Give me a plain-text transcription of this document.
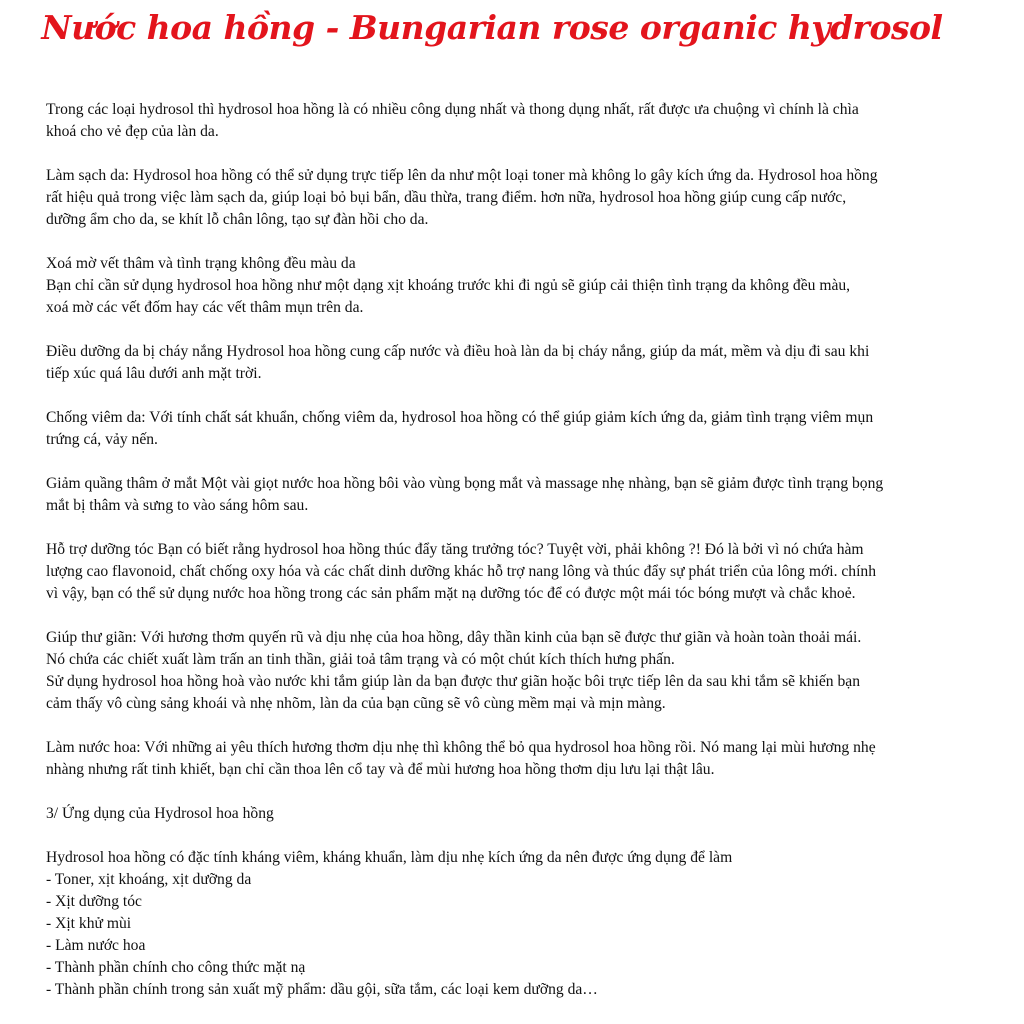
Nước hoa hồng - Bungarian rose organic hydrosol

Trong các loại hydrosol thì hydrosol hoa hồng là có nhiều công dụng nhất và thong dụng nhất, rất được ưa chuộng vì chính là chìa
khoá cho vẻ đẹp của làn da.

Làm sạch da: Hydrosol hoa hồng có thể sử dụng trực tiếp lên da như một loại toner mà không lo gây kích ứng da. Hydrosol hoa hồng
rất hiệu quả trong việc làm sạch da, giúp loại bỏ bụi bẩn, dầu thừa, trang điểm. hơn nữa, hydrosol hoa hồng giúp cung cấp nước,
dưỡng ẩm cho da, se khít lỗ chân lông, tạo sự đàn hồi cho da.

Xoá mờ vết thâm và tình trạng không đều màu da
Bạn chỉ cần sử dụng hydrosol hoa hồng như một dạng xịt khoáng trước khi đi ngủ sẽ giúp cải thiện tình trạng da không đều màu,
xoá mờ các vết đốm hay các vết thâm mụn trên da.

Điều dưỡng da bị cháy nắng Hydrosol hoa hồng cung cấp nước và điều hoà làn da bị cháy nắng, giúp da mát, mềm và dịu đi sau khi
tiếp xúc quá lâu dưới anh mặt trời.

Chống viêm da: Với tính chất sát khuẩn, chống viêm da, hydrosol hoa hồng có thể giúp giảm kích ứng da, giảm tình trạng viêm mụn
trứng cá, vảy nến.

Giảm quầng thâm ở mắt Một vài giọt nước hoa hồng bôi vào vùng bọng mắt và massage nhẹ nhàng, bạn sẽ giảm được tình trạng bọng
mắt bị thâm và sưng to vào sáng hôm sau.

Hỗ trợ dưỡng tóc Bạn có biết rằng hydrosol hoa hồng thúc đẩy tăng trưởng tóc? Tuyệt vời, phải không ?! Đó là bởi vì nó chứa hàm
lượng cao flavonoid, chất chống oxy hóa và các chất dinh dưỡng khác hỗ trợ nang lông và thúc đẩy sự phát triển của lông mới. chính
vì vậy, bạn có thể sử dụng nước hoa hồng trong các sản phẩm mặt nạ dưỡng tóc để có được một mái tóc bóng mượt và chắc khoẻ.

Giúp thư giãn: Với hương thơm quyến rũ và dịu nhẹ của hoa hồng, dây thần kinh của bạn sẽ được thư giãn và hoàn toàn thoải mái.
Nó chứa các chiết xuất làm trấn an tinh thần, giải toả tâm trạng và có một chút kích thích hưng phấn.
Sử dụng hydrosol hoa hồng hoà vào nước khi tắm giúp làn da bạn được thư giãn hoặc bôi trực tiếp lên da sau khi tắm sẽ khiến bạn
cảm thấy vô cùng sảng khoái và nhẹ nhõm, làn da của bạn cũng sẽ vô cùng mềm mại và mịn màng.

Làm nước hoa: Với những ai yêu thích hương thơm dịu nhẹ thì không thể bỏ qua hydrosol hoa hồng rồi. Nó mang lại mùi hương nhẹ
nhàng nhưng rất tinh khiết, bạn chỉ cần thoa lên cổ tay và để mùi hương hoa hồng thơm dịu lưu lại thật lâu.

3/ Ứng dụng của Hydrosol hoa hồng

Hydrosol hoa hồng có đặc tính kháng viêm, kháng khuẩn, làm dịu nhẹ kích ứng da nên được ứng dụng để làm
- Toner, xịt khoáng, xịt dưỡng da
- Xịt dưỡng tóc
- Xịt khử mùi
- Làm nước hoa
- Thành phần chính cho công thức mặt nạ
- Thành phần chính trong sản xuất mỹ phẩm: dầu gội, sữa tắm, các loại kem dưỡng da…
